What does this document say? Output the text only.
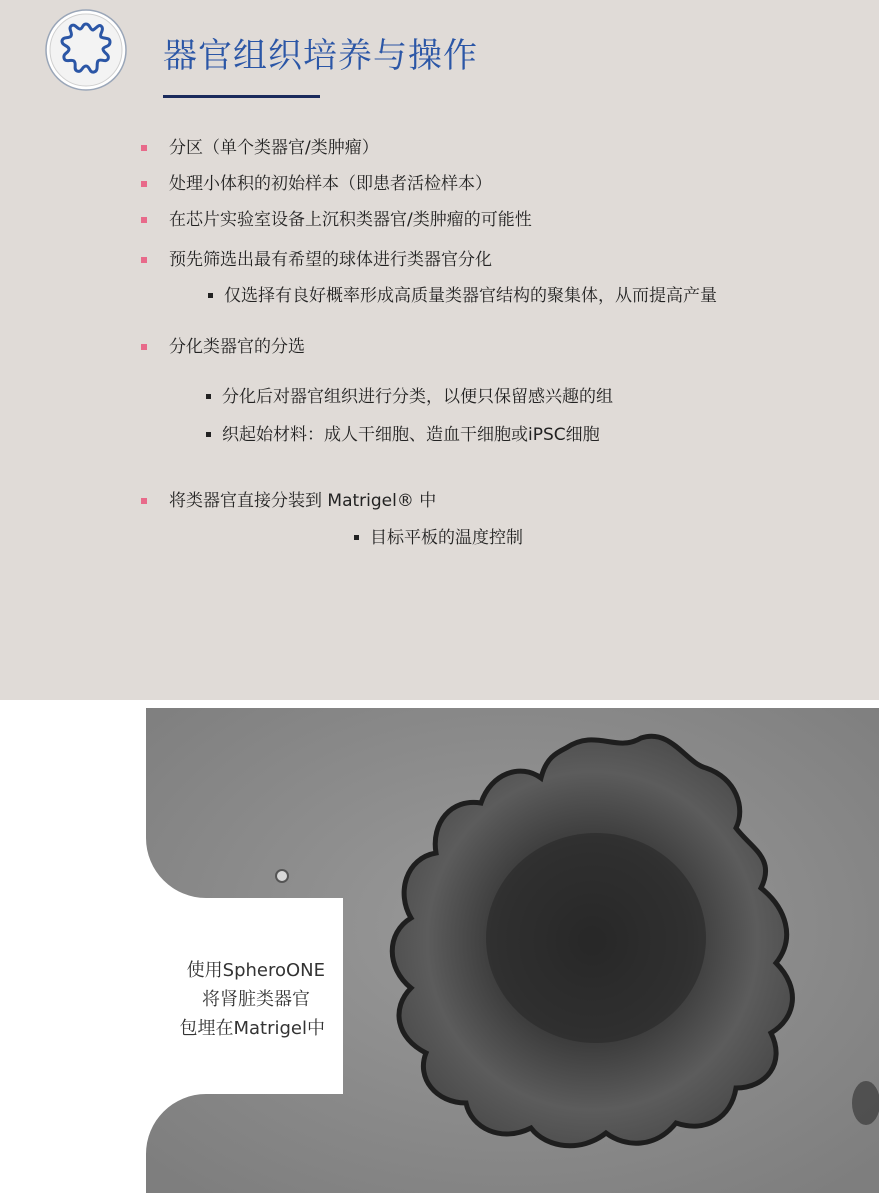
器官组织培养与操作
分区（单个类器官/类肿瘤）
处理小体积的初始样本（即患者活检样本）
在芯片实验室设备上沉积类器官/类肿瘤的可能性
预先筛选出最有希望的球体进行类器官分化
仅选择有良好概率形成高质量类器官结构的聚集体，从而提高产量
分化类器官的分选
分化后对器官组织进行分类，以便只保留感兴趣的组
织起始材料：成人干细胞、造血干细胞或iPSC细胞
将类器官直接分装到 Matrigel® 中
目标平板的温度控制
使用SpheroONE
将肾脏类器官
包埋在Matrigel中
